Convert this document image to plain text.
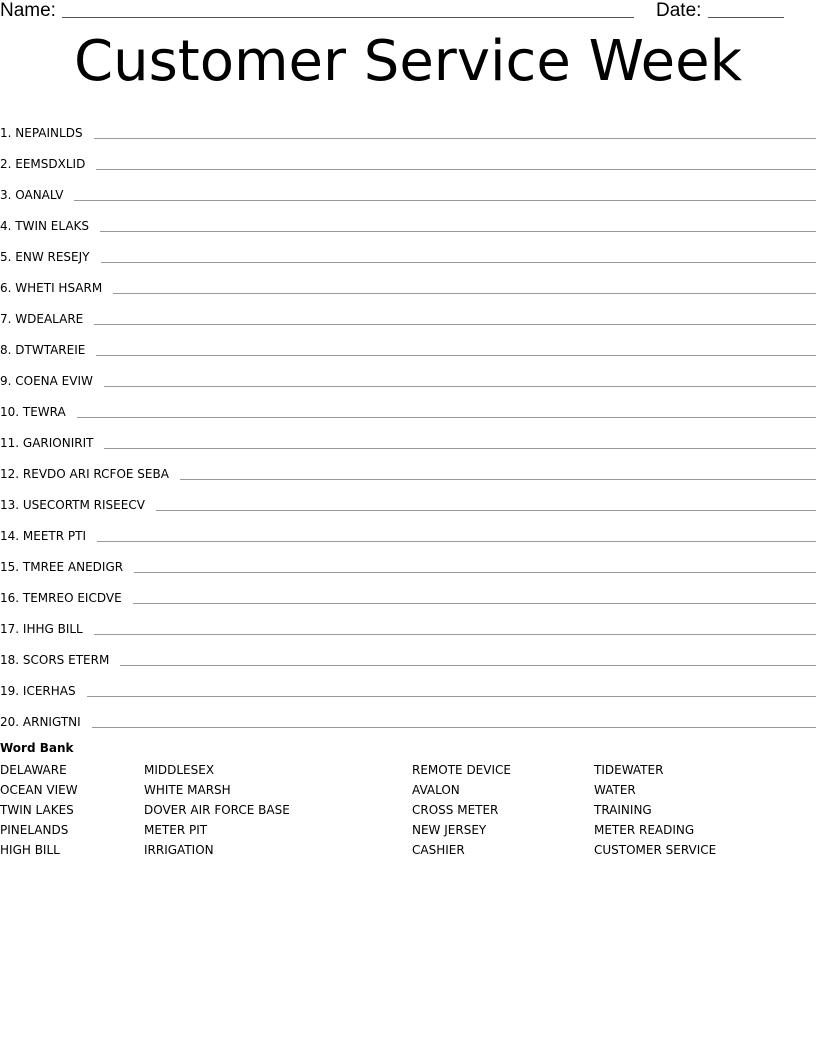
Name:	Date:
Customer Service Week
1. NEPAINLDS
2. EEMSDXLID
3. OANALV
4. TWIN ELAKS
5. ENW RESEJY
6. WHETI HSARM
7. WDEALARE
8. DTWTAREIE
9. COENA EVIW
10. TEWRA
11. GARIONIRIT
12. REVDO ARI RCFOE SEBA
13. USECORTM RISEECV
14. MEETR PTI
15. TMREE ANEDIGR
16. TEMREO EICDVE
17. IHHG BILL
18. SCORS ETERM
19. ICERHAS
20. ARNIGTNI
Word Bank
DELAWARE
OCEAN VIEW
TWIN LAKES
PINELANDS
HIGH BILL
MIDDLESEX
WHITE MARSH
DOVER AIR FORCE BASE
METER PIT
IRRIGATION
REMOTE DEVICE
AVALON
CROSS METER
NEW JERSEY
CASHIER
TIDEWATER
WATER
TRAINING
METER READING
CUSTOMER SERVICE
